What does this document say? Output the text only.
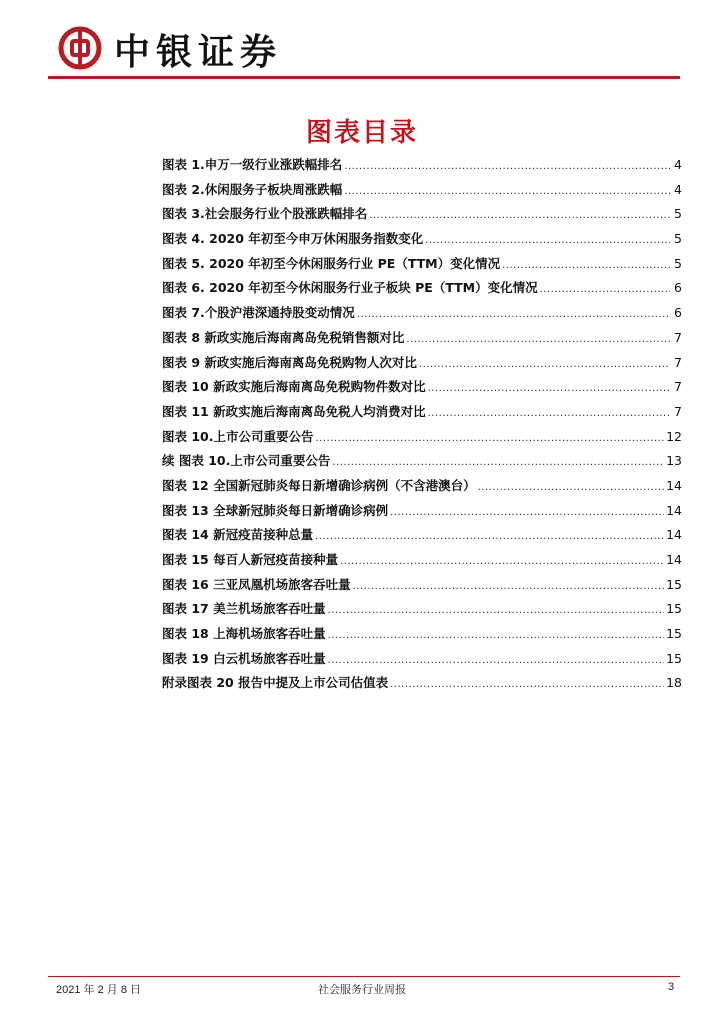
中银证券
图表目录
图表 1.申万一级行业涨跌幅排名 .....	4
图表 2.休闲服务子板块周涨跌幅 .....	4
图表 3.社会服务行业个股涨跌幅排名 .....	5
图表 4. 2020 年初至今申万休闲服务指数变化 .....	5
图表 5. 2020 年初至今休闲服务行业 PE（TTM）变化情况 .....	5
图表 6. 2020 年初至今休闲服务行业子板块 PE（TTM）变化情况 .....	6
图表 7.个股沪港深通持股变动情况 .....	6
图表 8 新政实施后海南离岛免税销售额对比 .....	7
图表 9 新政实施后海南离岛免税购物人次对比 .....	7
图表 10 新政实施后海南离岛免税购物件数对比 .....	7
图表 11 新政实施后海南离岛免税人均消费对比 .....	7
图表 10.上市公司重要公告 .....	12
续 图表 10.上市公司重要公告 .....	13
图表 12 全国新冠肺炎每日新增确诊病例（不含港澳台） .....	14
图表 13 全球新冠肺炎每日新增确诊病例 .....	14
图表 14 新冠疫苗接种总量 .....	14
图表 15 每百人新冠疫苗接种量 .....	14
图表 16 三亚凤凰机场旅客吞吐量 .....	15
图表 17 美兰机场旅客吞吐量 .....	15
图表 18 上海机场旅客吞吐量 .....	15
图表 19 白云机场旅客吞吐量 .....	15
附录图表 20 报告中提及上市公司估值表 .....	18
2021 年 2 月 8 日	社会服务行业周报	3
